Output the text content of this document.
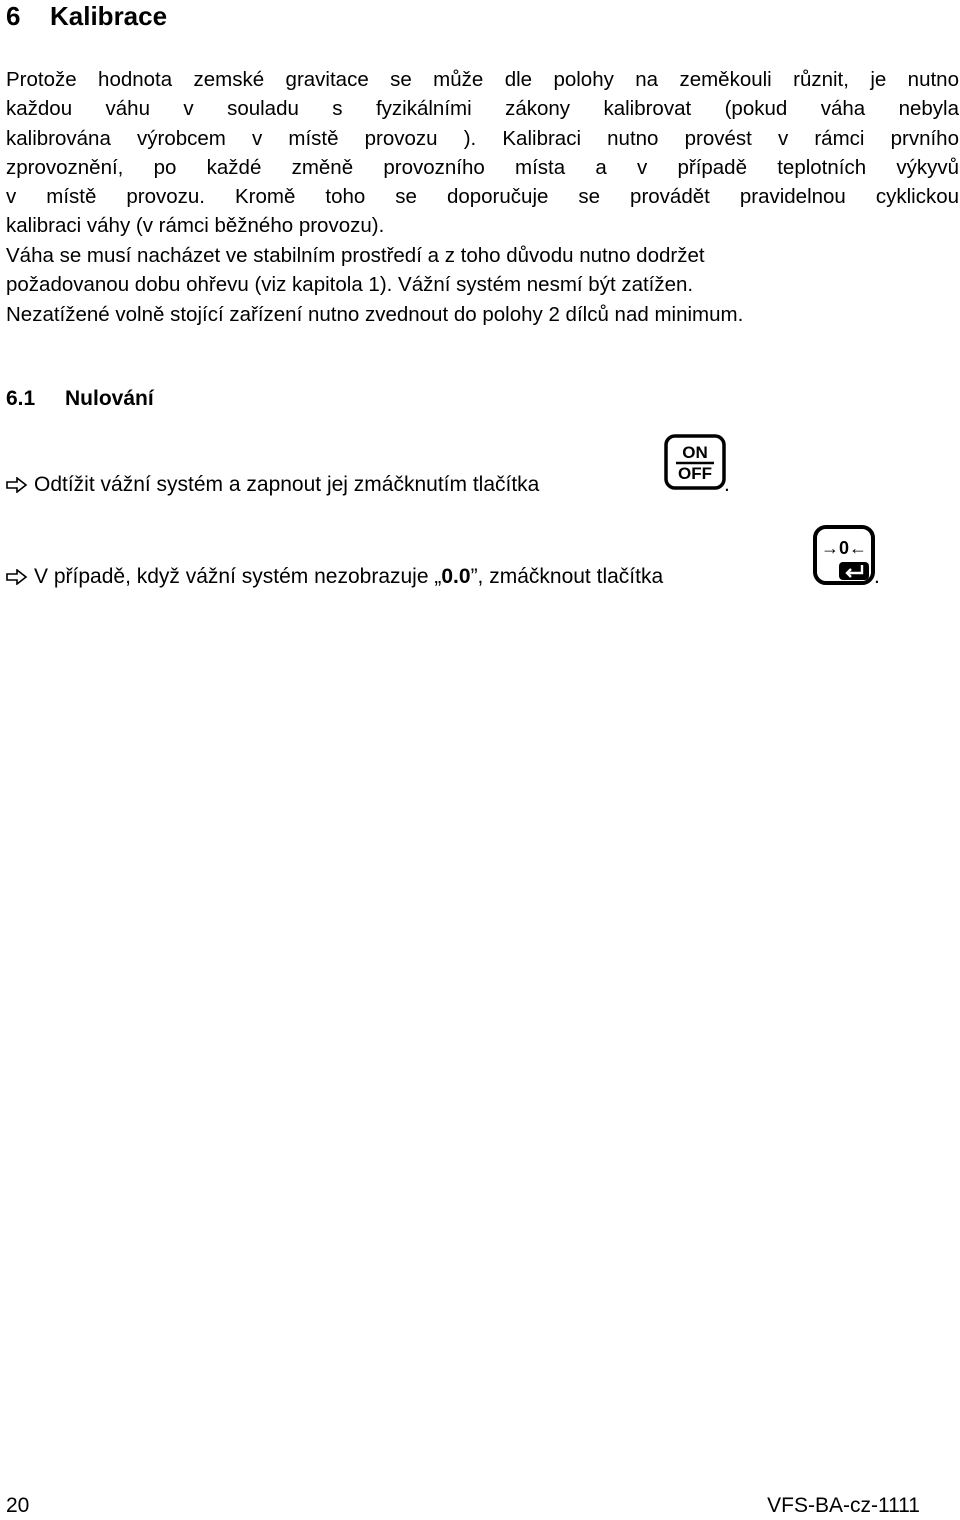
6 Kalibrace
Protože hodnota zemské gravitace se může dle polohy na zeměkouli různit, je nutno
každou váhu v souladu s fyzikálními zákony kalibrovat (pokud váha nebyla
kalibrována výrobcem v místě provozu ). Kalibraci nutno provést v rámci prvního
zprovoznění, po každé změně provozního místa a v případě teplotních výkyvů
v místě provozu. Kromě toho se doporučuje se provádět pravidelnou cyklickou
kalibraci váhy (v rámci běžného provozu).
Váha se musí nacházet ve stabilním prostředí a z toho důvodu nutno dodržet
požadovanou dobu ohřevu (viz kapitola 1). Vážní systém nesmí být zatížen.
Nezatížené volně stojící zařízení nutno zvednout do polohy 2 dílců nad minimum.
6.1 Nulování
Odtížit vážní systém a zapnout jej zmáčknutím tlačítka
ON
OFF .
V případě, když vážní systém nezobrazuje „0.0”, zmáčknout tlačítka
→0←
.
20	VFS-BA-cz-1111
